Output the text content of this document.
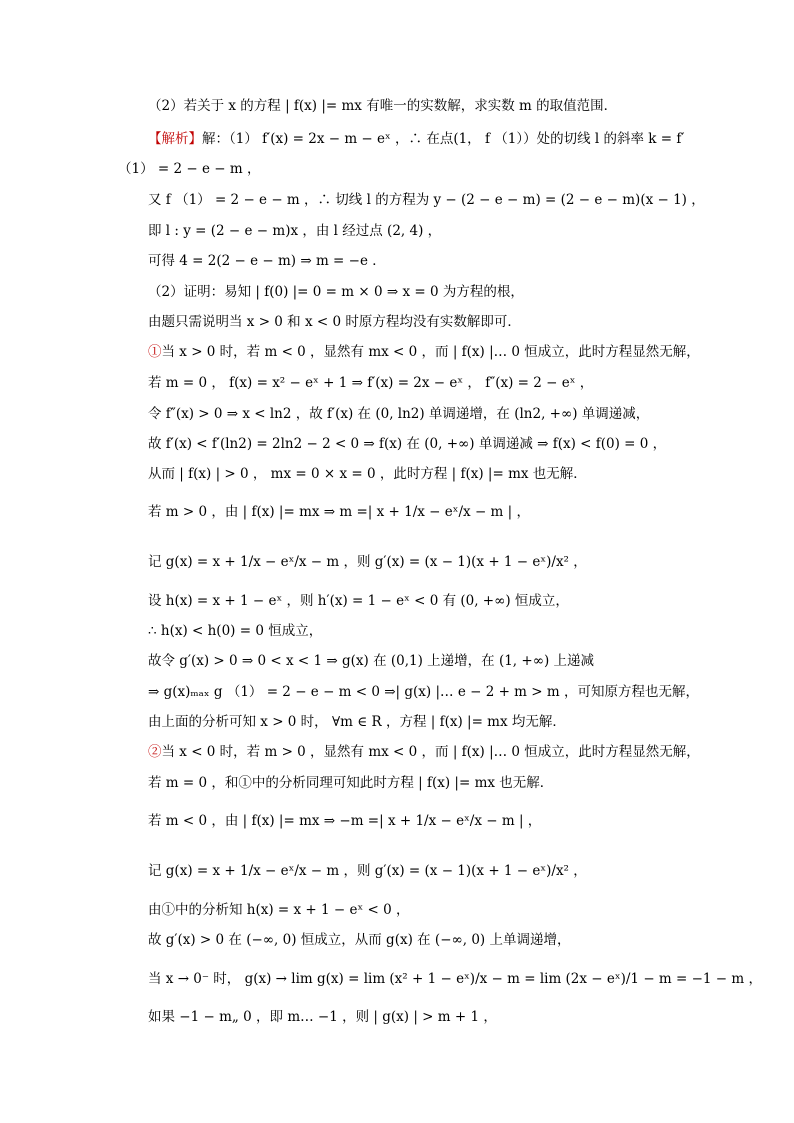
（2）若关于 x 的方程 | f(x) |= mx 有唯一的实数解，求实数 m 的取值范围．
【解析】解：（1） f′(x) = 2x − m − eˣ ，∴ 在点(1， f （1））处的切线 l 的斜率 k = f′
（1） = 2 − e − m ，
又 f （1） = 2 − e − m ，∴ 切线 l 的方程为 y − (2 − e − m) = (2 − e − m)(x − 1) ，
即 l : y = (2 − e − m)x ，由 l 经过点 (2, 4) ，
可得 4 = 2(2 − e − m) ⇒ m = −e ．
（2）证明：易知 | f(0) |= 0 = m × 0 ⇒ x = 0 为方程的根，
由题只需说明当 x > 0 和 x < 0 时原方程均没有实数解即可．
①当 x > 0 时，若 m < 0 ，显然有 mx < 0 ，而 | f(x) |… 0 恒成立，此时方程显然无解，
若 m = 0 ， f(x) = x² − eˣ + 1 ⇒ f′(x) = 2x − eˣ ， f″(x) = 2 − eˣ ，
令 f″(x) > 0 ⇒ x < ln2 ，故 f′(x) 在 (0, ln2) 单调递增，在 (ln2, +∞) 单调递减，
故 f′(x) < f′(ln2) = 2ln2 − 2 < 0 ⇒ f(x) 在 (0, +∞) 单调递减 ⇒ f(x) < f(0) = 0 ，
从而 | f(x) | > 0 ， mx = 0 × x = 0 ，此时方程 | f(x) |= mx 也无解．
若 m > 0 ，由 | f(x) |= mx ⇒ m =| x + 1/x − eˣ/x − m | ，
记 g(x) = x + 1/x − eˣ/x − m ，则 g′(x) = (x − 1)(x + 1 − eˣ)/x² ，
设 h(x) = x + 1 − eˣ ，则 h′(x) = 1 − eˣ < 0 有 (0, +∞) 恒成立，
∴ h(x) < h(0) = 0 恒成立，
故令 g′(x) > 0 ⇒ 0 < x < 1 ⇒ g(x) 在 (0,1) 上递增，在 (1, +∞) 上递减
⇒ g(x)ₘₐₓ g （1） = 2 − e − m < 0 ⇒| g(x) |… e − 2 + m > m ，可知原方程也无解，
由上面的分析可知 x > 0 时， ∀m ∈ R ，方程 | f(x) |= mx 均无解．
②当 x < 0 时，若 m > 0 ，显然有 mx < 0 ，而 | f(x) |… 0 恒成立，此时方程显然无解，
若 m = 0 ，和①中的分析同理可知此时方程 | f(x) |= mx 也无解．
若 m < 0 ，由 | f(x) |= mx ⇒ −m =| x + 1/x − eˣ/x − m | ，
记 g(x) = x + 1/x − eˣ/x − m ，则 g′(x) = (x − 1)(x + 1 − eˣ)/x² ，
由①中的分析知 h(x) = x + 1 − eˣ < 0 ，
故 g′(x) > 0 在 (−∞, 0) 恒成立，从而 g(x) 在 (−∞, 0) 上单调递增，
当 x → 0⁻ 时， g(x) → lim g(x) = lim (x² + 1 − eˣ)/x − m = lim (2x − eˣ)/1 − m = −1 − m ，
如果 −1 − m„ 0 ，即 m… −1 ，则 | g(x) | > m + 1 ，
